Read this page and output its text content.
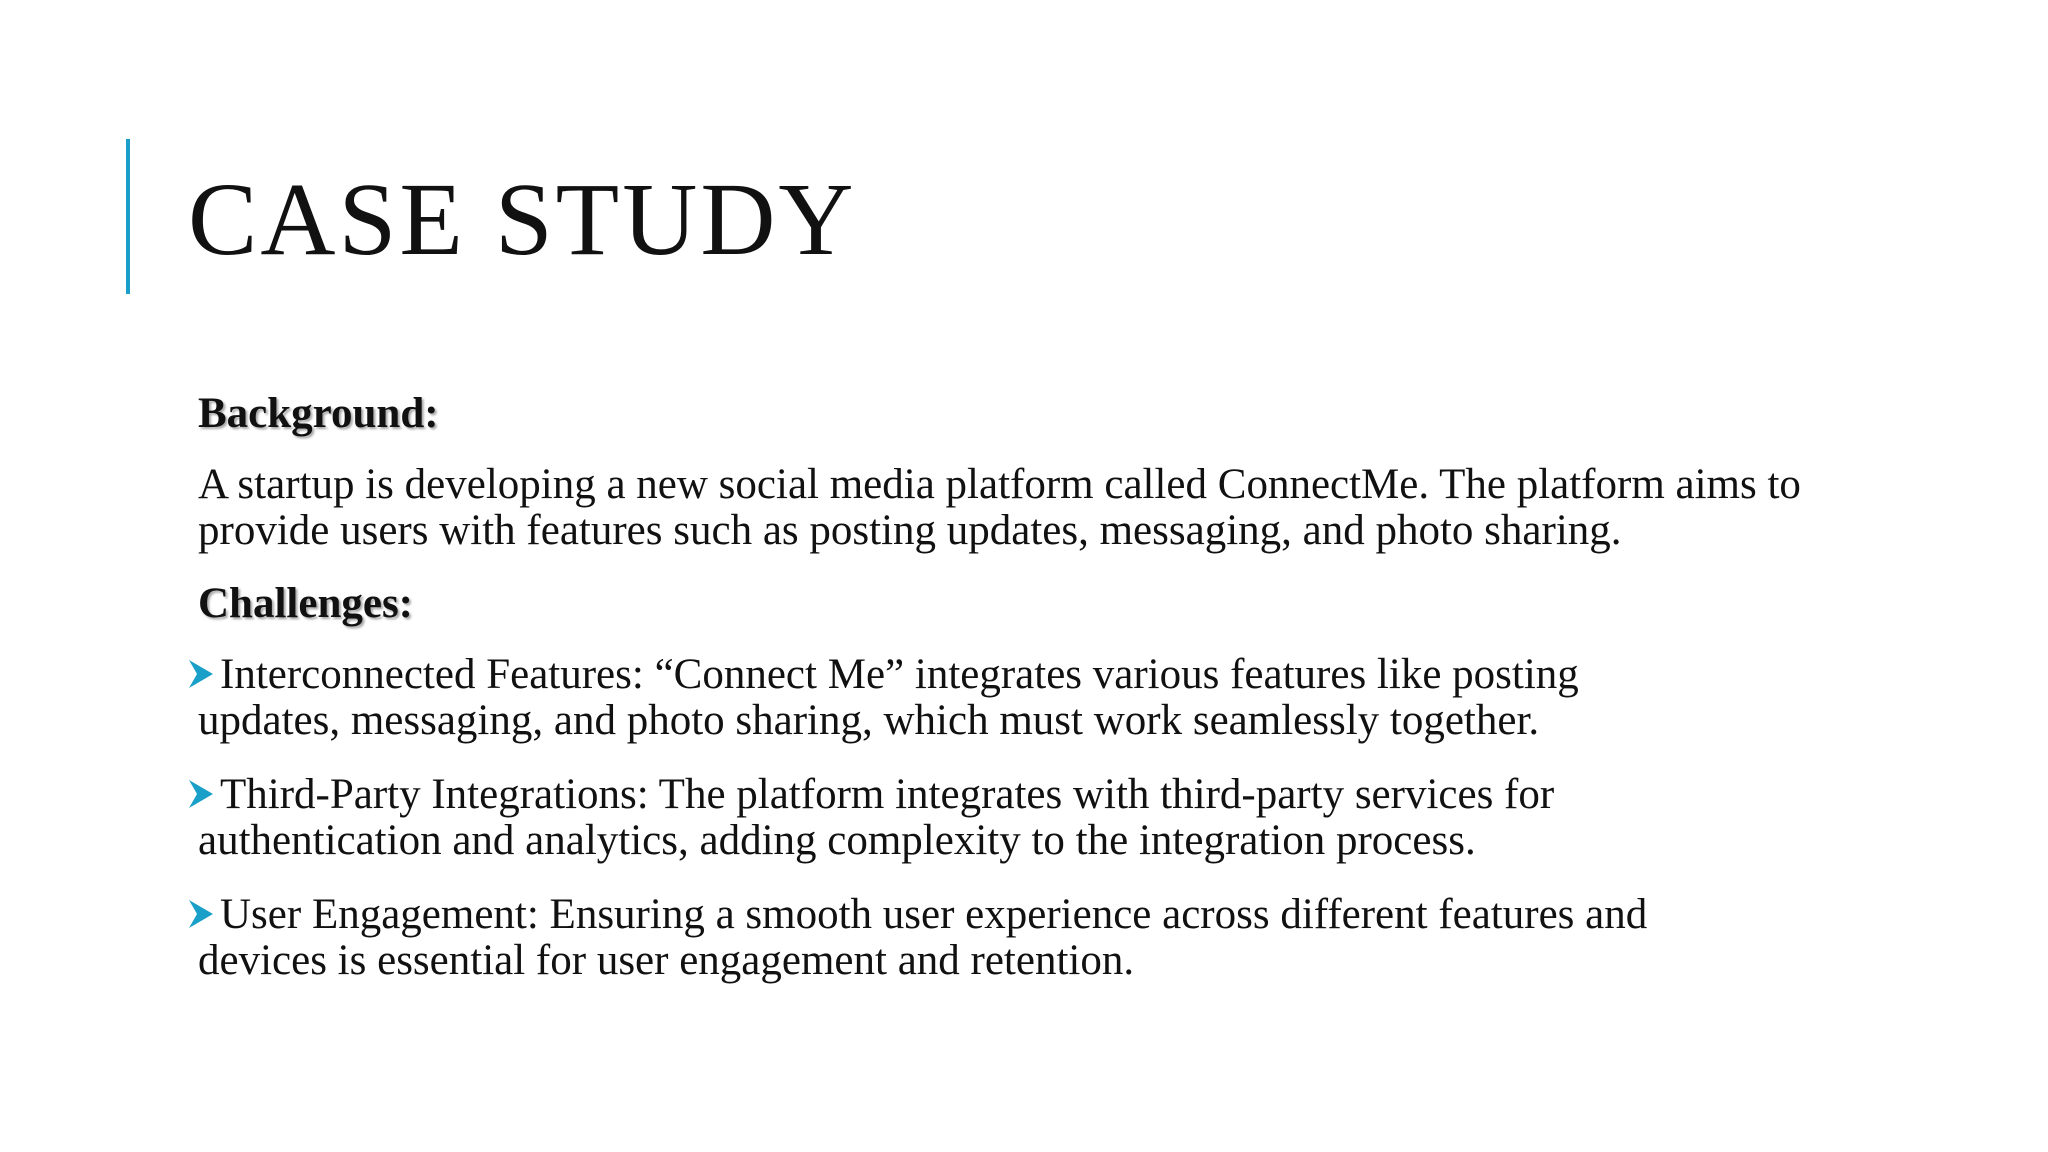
CASE STUDY

Background:

A startup is developing a new social media platform called ConnectMe. The platform aims to provide users with features such as posting updates, messaging, and photo sharing.

Challenges:

Interconnected Features: “Connect Me” integrates various features like posting
updates, messaging, and photo sharing, which must work seamlessly together.
Third-Party Integrations: The platform integrates with third-party services for
authentication and analytics, adding complexity to the integration process.
User Engagement: Ensuring a smooth user experience across different features and
devices is essential for user engagement and retention.
